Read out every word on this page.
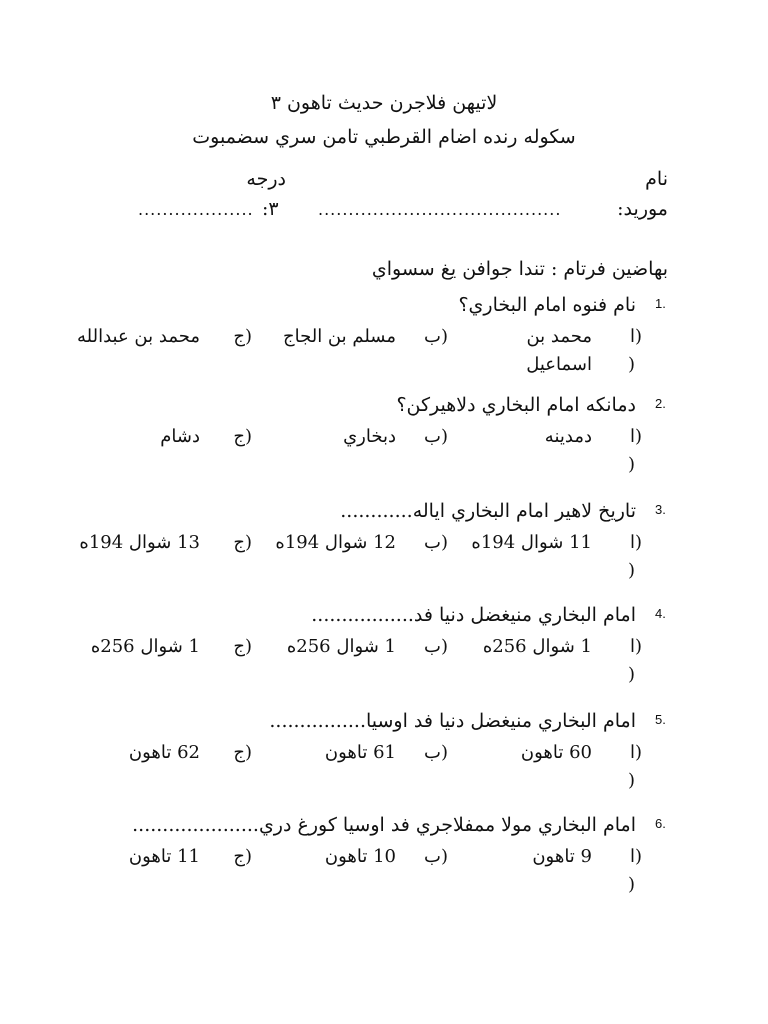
لاتيهن فلاجرن حديث تاهون ٣
سكوله رنده اضام القرطبي تامن سري سضمبوت
نام
درجه
موريد:
........................................
٣:
...................
بهاضين فرتام : تندا جوافن يغ سسواي
1.
نام فنوه امام البخاري؟
(ا
محمد بن
(ب
مسلم بن الجاج
(ج
محمد بن عبدالله
)
اسماعيل
2.
دمانكه امام البخاري دلاهيركن؟
(ا
دمدينه
(ب
دبخاري
(ج
دشام
)
3.
تاريخ لاهير امام البخاري اياله............
(ا
11 شوال 194ه
(ب
12 شوال 194ه
(ج
13 شوال 194ه
)
4.
امام البخاري منيغضل دنيا فد.................
(ا
1 شوال 256ه
(ب
1 شوال 256ه
(ج
1 شوال 256ه
)
5.
امام البخاري منيغضل دنيا فد اوسيا................
(ا
60 تاهون
(ب
61 تاهون
(ج
62 تاهون
)
6.
امام البخاري مولا ممفلاجري فد اوسيا كورغ دري.....................
(ا
9 تاهون
(ب
10 تاهون
(ج
11 تاهون
)
